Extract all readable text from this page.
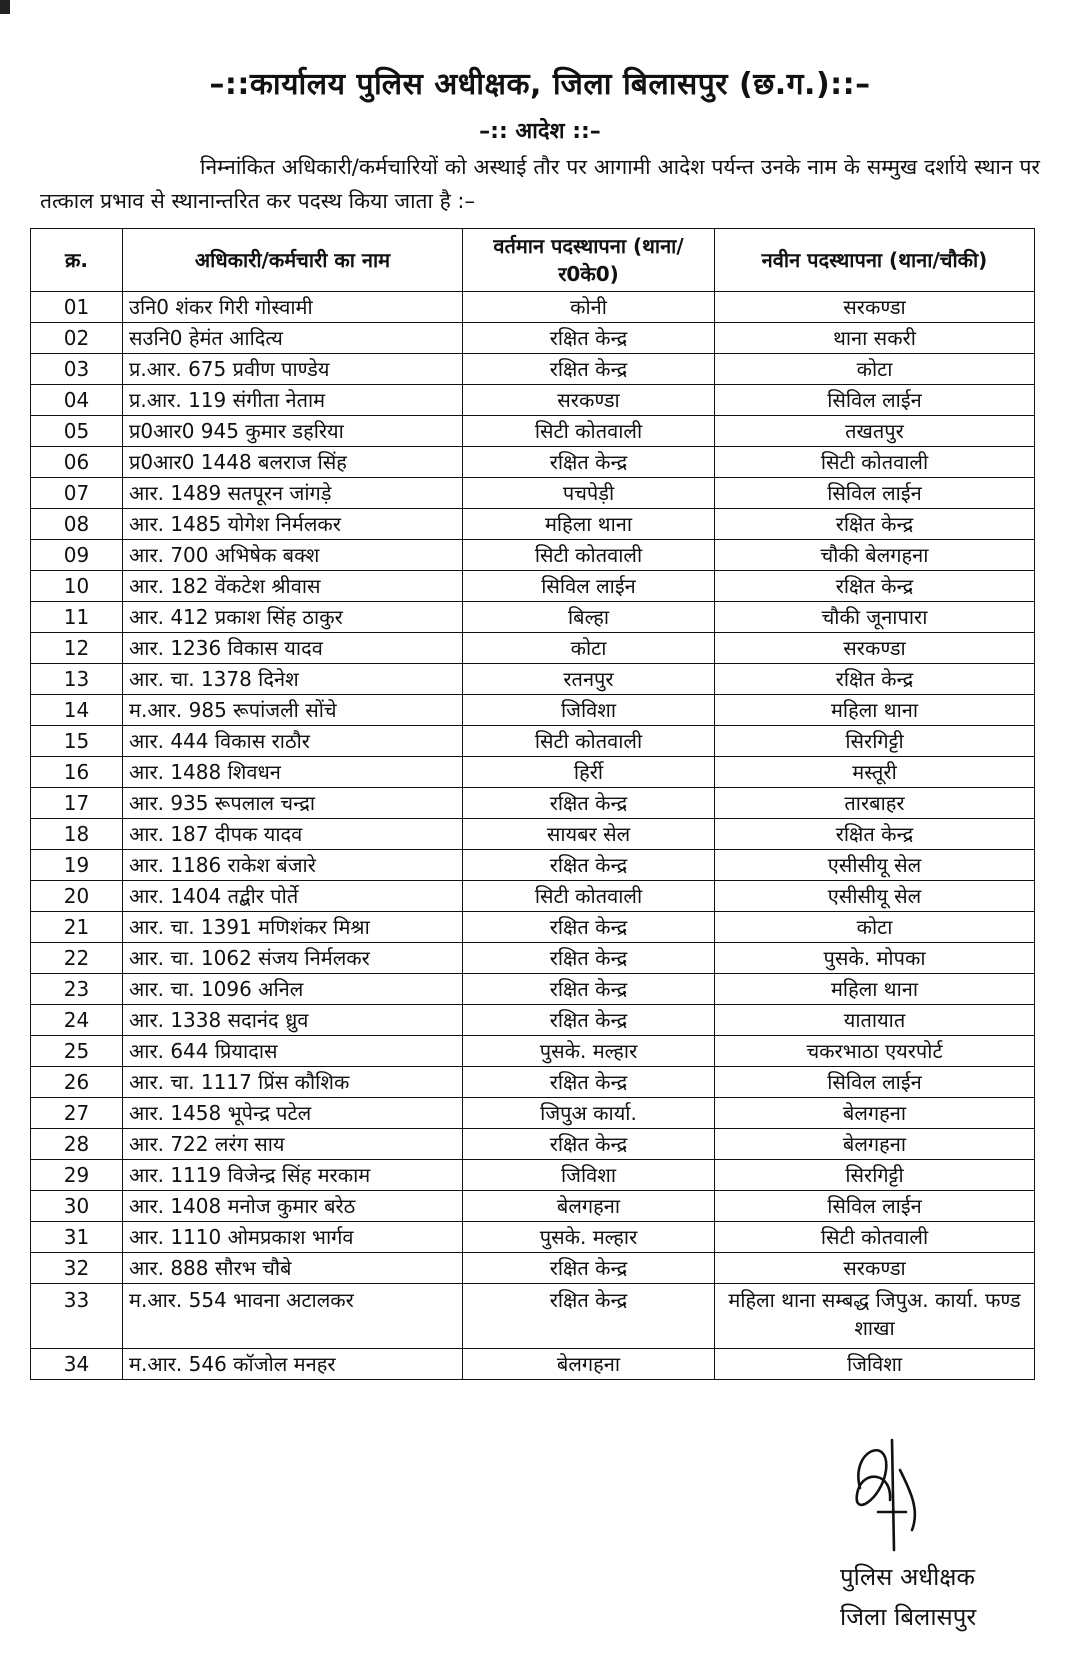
–::कार्यालय पुलिस अधीक्षक, जिला बिलासपुर (छ.ग.)::–
–:: आदेश ::–
निम्नांकित अधिकारी/कर्मचारियों को अस्थाई तौर पर आगामी आदेश पर्यन्त उनके नाम के सम्मुख दर्शाये स्थान पर तत्काल प्रभाव से स्थानान्तरित कर पदस्थ किया जाता है :–
क्र.	अधिकारी/कर्मचारी का नाम	वर्तमान पदस्थापना (थाना/र0के0)	नवीन पदस्थापना (थाना/चौकी)
01	उनि0 शंकर गिरी गोस्वामी	कोनी	सरकण्डा
02	सउनि0 हेमंत आदित्य	रक्षित केन्द्र	थाना सकरी
03	प्र.आर. 675 प्रवीण पाण्डेय	रक्षित केन्द्र	कोटा
04	प्र.आर. 119 संगीता नेताम	सरकण्डा	सिविल लाईन
05	प्र0आर0 945 कुमार डहरिया	सिटी कोतवाली	तखतपुर
06	प्र0आर0 1448 बलराज सिंह	रक्षित केन्द्र	सिटी कोतवाली
07	आर. 1489 सतपूरन जांगड़े	पचपेड़ी	सिविल लाईन
08	आर. 1485 योगेश निर्मलकर	महिला थाना	रक्षित केन्द्र
09	आर. 700 अभिषेक बक्श	सिटी कोतवाली	चौकी बेलगहना
10	आर. 182 वेंकटेश श्रीवास	सिविल लाईन	रक्षित केन्द्र
11	आर. 412 प्रकाश सिंह ठाकुर	बिल्हा	चौकी जूनापारा
12	आर. 1236 विकास यादव	कोटा	सरकण्डा
13	आर. चा. 1378 दिनेश	रतनपुर	रक्षित केन्द्र
14	म.आर. 985 रूपांजली सोंचे	जिविशा	महिला थाना
15	आर. 444 विकास राठौर	सिटी कोतवाली	सिरगिट्टी
16	आर. 1488 शिवधन	हिर्री	मस्तूरी
17	आर. 935 रूपलाल चन्द्रा	रक्षित केन्द्र	तारबाहर
18	आर. 187 दीपक यादव	सायबर सेल	रक्षित केन्द्र
19	आर. 1186 राकेश बंजारे	रक्षित केन्द्र	एसीसीयू सेल
20	आर. 1404 तद्बीर पोर्ते	सिटी कोतवाली	एसीसीयू सेल
21	आर. चा. 1391 मणिशंकर मिश्रा	रक्षित केन्द्र	कोटा
22	आर. चा. 1062 संजय निर्मलकर	रक्षित केन्द्र	पुसके. मोपका
23	आर. चा. 1096 अनिल	रक्षित केन्द्र	महिला थाना
24	आर. 1338 सदानंद ध्रुव	रक्षित केन्द्र	यातायात
25	आर. 644 प्रियादास	पुसके. मल्हार	चकरभाठा एयरपोर्ट
26	आर. चा. 1117 प्रिंस कौशिक	रक्षित केन्द्र	सिविल लाईन
27	आर. 1458 भूपेन्द्र पटेल	जिपुअ कार्या.	बेलगहना
28	आर. 722 लरंग साय	रक्षित केन्द्र	बेलगहना
29	आर. 1119 विजेन्द्र सिंह मरकाम	जिविशा	सिरगिट्टी
30	आर. 1408 मनोज कुमार बरेठ	बेलगहना	सिविल लाईन
31	आर. 1110 ओमप्रकाश भार्गव	पुसके. मल्हार	सिटी कोतवाली
32	आर. 888 सौरभ चौबे	रक्षित केन्द्र	सरकण्डा
33	म.आर. 554 भावना अटालकर	रक्षित केन्द्र	महिला थाना सम्बद्ध जिपुअ. कार्या. फण्ड शाखा
34	म.आर. 546 कॉजोल मनहर	बेलगहना	जिविशा
पुलिस अधीक्षक
जिला बिलासपुर
